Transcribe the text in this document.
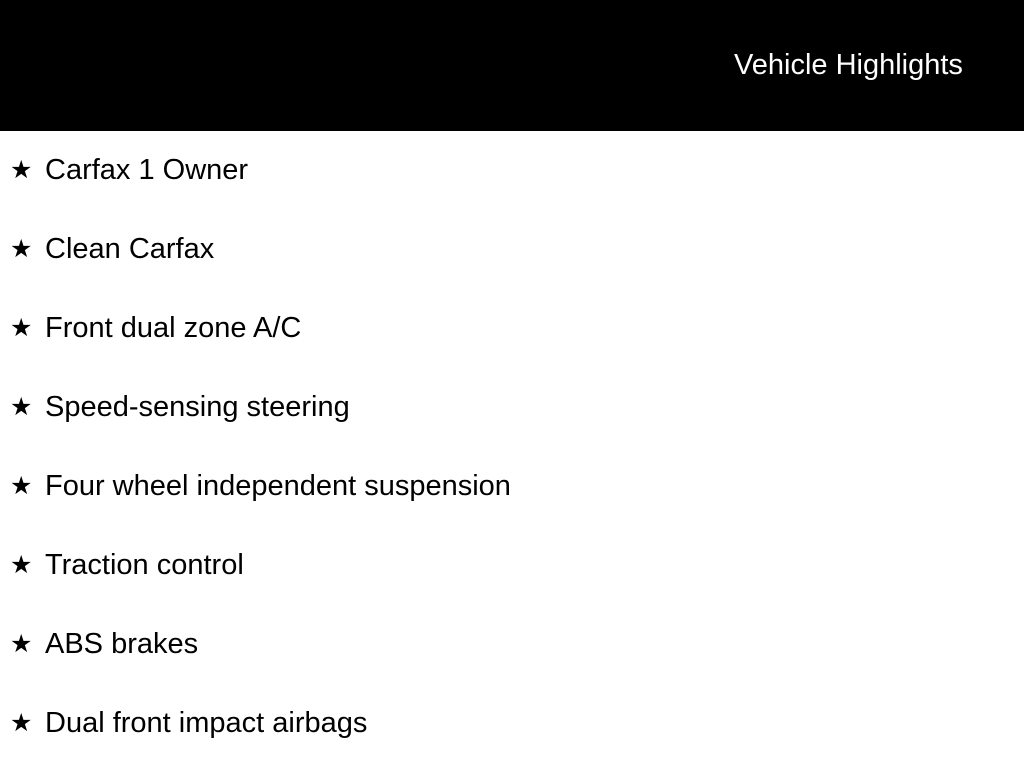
Vehicle Highlights
★ Carfax 1 Owner
★ Clean Carfax
★ Front dual zone A/C
★ Speed-sensing steering
★ Four wheel independent suspension
★ Traction control
★ ABS brakes
★ Dual front impact airbags
